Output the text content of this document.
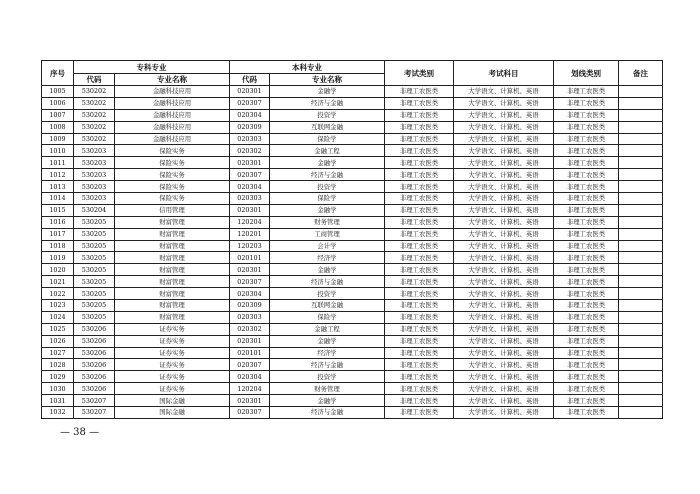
序号	专科专业		本科专业		考试类别	考试科目	划线类别	备注
	代码	专业名称	代码	专业名称				
1005	530202	金融科技应用	020301	金融学	非理工农医类	大学语文、计算机、英语	非理工农医类	
1006	530202	金融科技应用	020307	经济与金融	非理工农医类	大学语文、计算机、英语	非理工农医类	
1007	530202	金融科技应用	020304	投资学	非理工农医类	大学语文、计算机、英语	非理工农医类	
1008	530202	金融科技应用	020309	互联网金融	非理工农医类	大学语文、计算机、英语	非理工农医类	
1009	530202	金融科技应用	020303	保险学	非理工农医类	大学语文、计算机、英语	非理工农医类	
1010	530203	保险实务	020302	金融工程	非理工农医类	大学语文、计算机、英语	非理工农医类	
1011	530203	保险实务	020301	金融学	非理工农医类	大学语文、计算机、英语	非理工农医类	
1012	530203	保险实务	020307	经济与金融	非理工农医类	大学语文、计算机、英语	非理工农医类	
1013	530203	保险实务	020304	投资学	非理工农医类	大学语文、计算机、英语	非理工农医类	
1014	530203	保险实务	020303	保险学	非理工农医类	大学语文、计算机、英语	非理工农医类	
1015	530204	信用管理	020301	金融学	非理工农医类	大学语文、计算机、英语	非理工农医类	
1016	530205	财富管理	120204	财务管理	非理工农医类	大学语文、计算机、英语	非理工农医类	
1017	530205	财富管理	120201	工商管理	非理工农医类	大学语文、计算机、英语	非理工农医类	
1018	530205	财富管理	120203	会计学	非理工农医类	大学语文、计算机、英语	非理工农医类	
1019	530205	财富管理	020101	经济学	非理工农医类	大学语文、计算机、英语	非理工农医类	
1020	530205	财富管理	020301	金融学	非理工农医类	大学语文、计算机、英语	非理工农医类	
1021	530205	财富管理	020307	经济与金融	非理工农医类	大学语文、计算机、英语	非理工农医类	
1022	530205	财富管理	020304	投资学	非理工农医类	大学语文、计算机、英语	非理工农医类	
1023	530205	财富管理	020309	互联网金融	非理工农医类	大学语文、计算机、英语	非理工农医类	
1024	530205	财富管理	020303	保险学	非理工农医类	大学语文、计算机、英语	非理工农医类	
1025	530206	证券实务	020302	金融工程	非理工农医类	大学语文、计算机、英语	非理工农医类	
1026	530206	证券实务	020301	金融学	非理工农医类	大学语文、计算机、英语	非理工农医类	
1027	530206	证券实务	020101	经济学	非理工农医类	大学语文、计算机、英语	非理工农医类	
1028	530206	证券实务	020307	经济与金融	非理工农医类	大学语文、计算机、英语	非理工农医类	
1029	530206	证券实务	020304	投资学	非理工农医类	大学语文、计算机、英语	非理工农医类	
1030	530206	证券实务	120204	财务管理	非理工农医类	大学语文、计算机、英语	非理工农医类	
1031	530207	国际金融	020301	金融学	非理工农医类	大学语文、计算机、英语	非理工农医类	
1032	530207	国际金融	020307	经济与金融	非理工农医类	大学语文、计算机、英语	非理工农医类	
— 38 —
